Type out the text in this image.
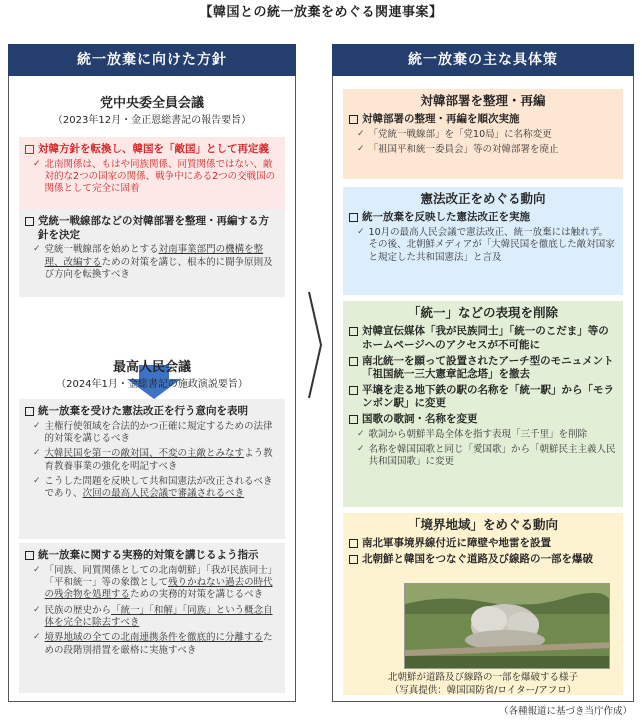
【韓国との統一放棄をめぐる関連事案】
統一放棄に向けた方針
党中央委全員会議
（2023年12月・金正恩総書記の報告要旨）
対韓方針を転換し、韓国を「敵国」として再定義
✓ 北南関係は、もはや同族関係、同質関係ではない、敵対的な2つの国家の関係、戦争中にある2つの交戦国の関係として完全に固着
党統一戦線部などの対韓部署を整理・再編する方針を決定
✓ 党統一戦線部を始めとする対南事業部門の機構を整理、改編するための対策を講じ、根本的に闘争原則及び方向を転換すべき
最高人民会議
（2024年1月・金総書記の施政演説要旨）
統一放棄を受けた憲法改正を行う意向を表明
✓ 主権行使領域を合法的かつ正確に規定するための法律的対策を講じるべき
✓ 大韓民国を第一の敵対国、不変の主敵とみなすよう教育教養事業の強化を明記すべき
✓ こうした問題を反映して共和国憲法が改正されるべきであり、次回の最高人民会議で審議されるべき
統一放棄に関する実務的対策を講じるよう指示
✓ 「同族、同質関係としての北南朝鮮」「我が民族同士」「平和統一」等の象徴として残りかねない過去の時代の残余物を処理するための実務的対策を講じるべき
✓ 民族の歴史から「統一」「和解」「同族」という概念自体を完全に除去すべき
✓ 境界地域の全ての北南連携条件を徹底的に分離するための段階別措置を厳格に実施すべき
統一放棄の主な具体策
対韓部署を整理・再編
対韓部署の整理・再編を順次実施
✓ 「党統一戦線部」を「党10局」に名称変更
✓ 「祖国平和統一委員会」等の対韓部署を廃止
憲法改正をめぐる動向
統一放棄を反映した憲法改正を実施
✓ 10月の最高人民会議で憲法改正、統一放棄には触れず。その後、北朝鮮メディアが「大韓民国を徹底した敵対国家と規定した共和国憲法」と言及
「統一」などの表現を削除
対韓宣伝媒体「我が民族同士」「統一のこだま」等のホームページへのアクセスが不可能に
南北統一を願って設置されたアーチ型のモニュメント「祖国統一三大憲章記念塔」を撤去
平壌を走る地下鉄の駅の名称を「統一駅」から「モランボン駅」に変更
国歌の歌詞・名称を変更
✓ 歌詞から朝鮮半島全体を指す表現「三千里」を削除
✓ 名称を韓国国歌と同じ「愛国歌」から「朝鮮民主主義人民共和国国歌」に変更
「境界地域」をめぐる動向
南北軍事境界線付近に障壁や地雷を設置
北朝鮮と韓国をつなぐ道路及び線路の一部を爆破
北朝鮮が道路及び線路の一部を爆破する様子
（写真提供：韓国国防省/ロイター/アフロ）
（各種報道に基づき当庁作成）
